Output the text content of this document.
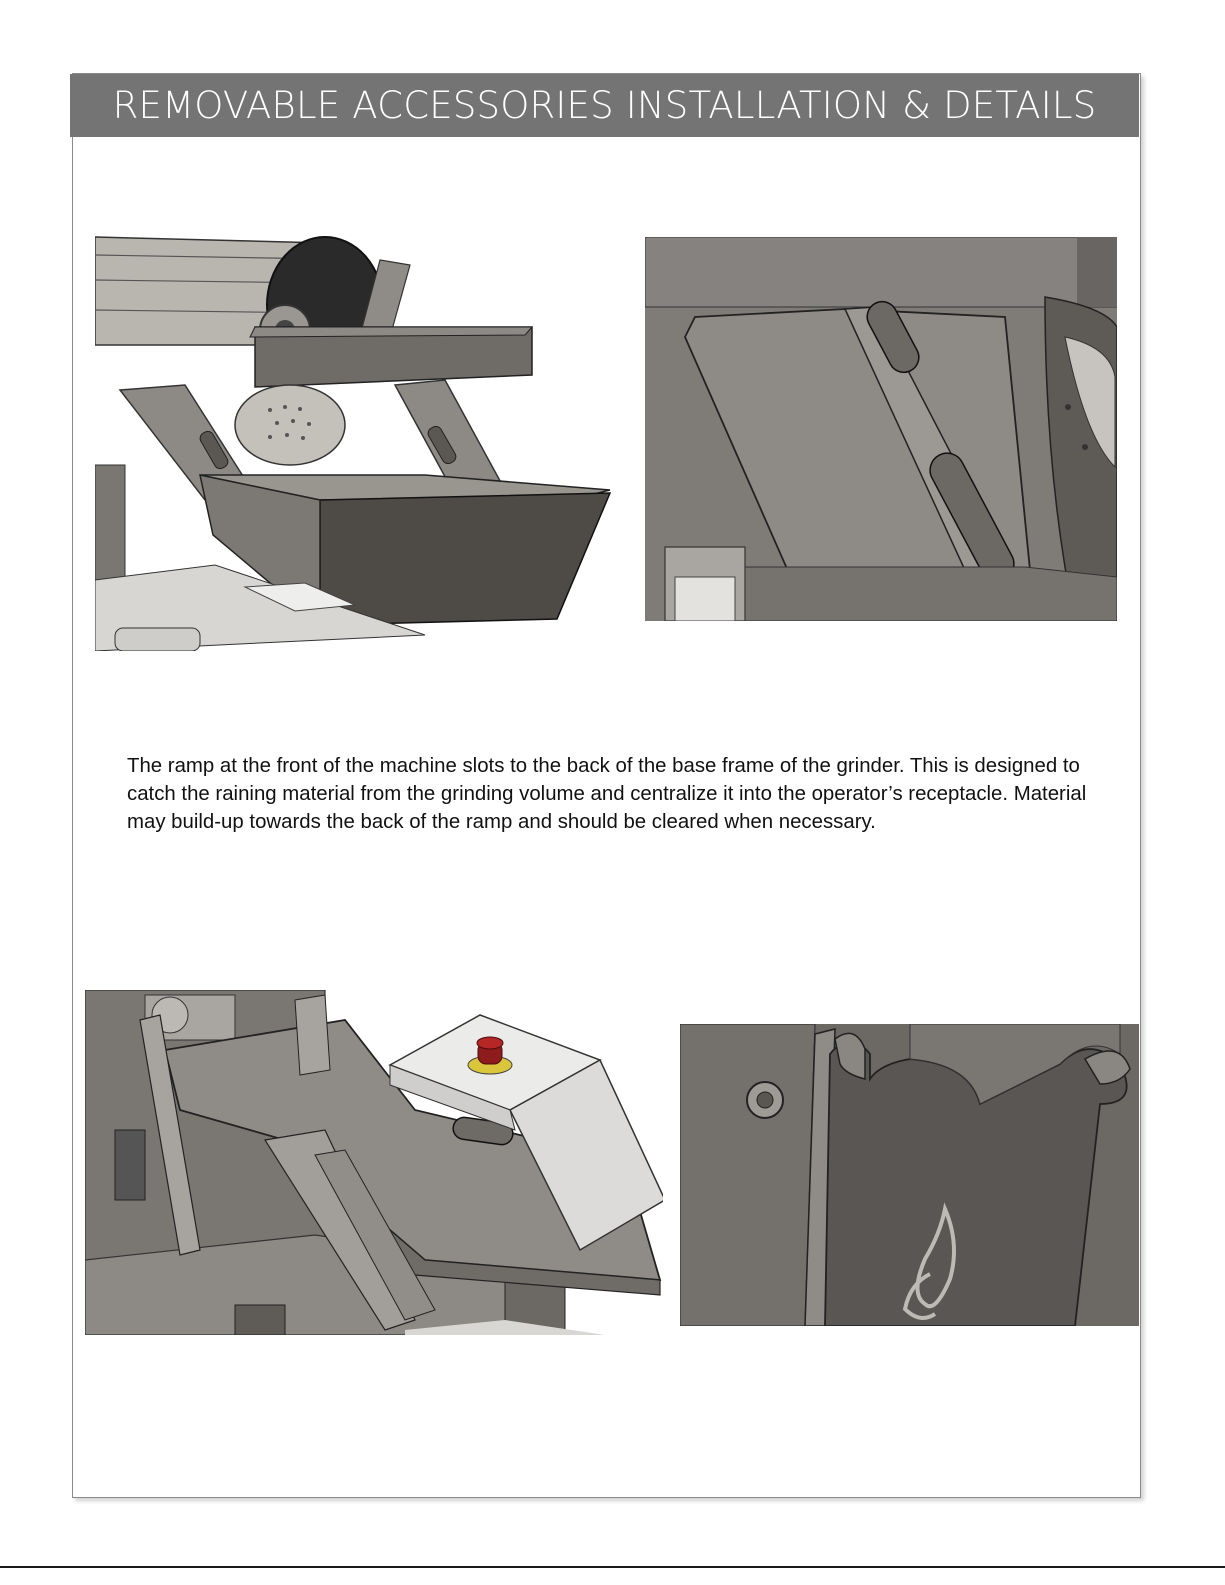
REMOVABLE ACCESSORIES INSTALLATION & DETAILS
The ramp at the front of the machine slots to the back of the base frame of the grinder. This is designed to catch the raining material from the grinding volume and centralize it into the operator’s receptacle. Material may build-up towards the back of the ramp and should be cleared when necessary.
